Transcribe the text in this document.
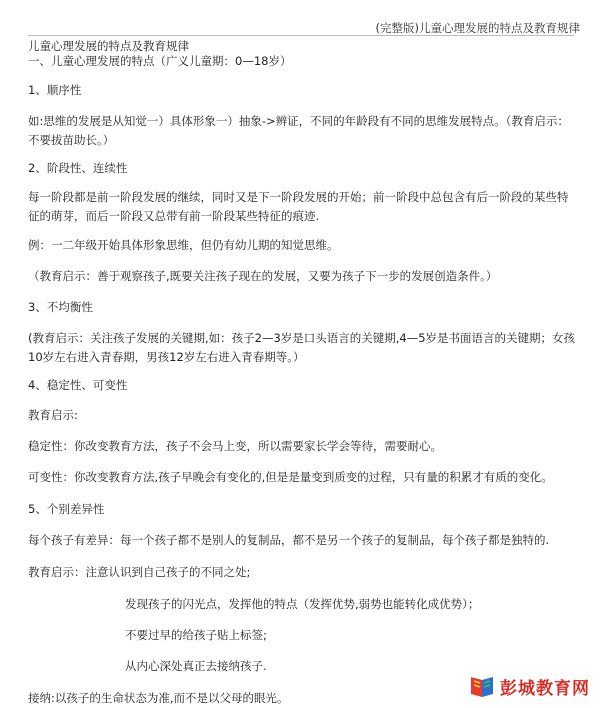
(完整版)儿童心理发展的特点及教育规律
儿童心理发展的特点及教育规律
一、儿童心理发展的特点（广义儿童期：0—18岁）
1、顺序性
如:思维的发展是从知觉一）具体形象一）抽象->辨证，不同的年龄段有不同的思维发展特点。（教育启示：不要拔苗助长。）
2、阶段性、连续性
每一阶段都是前一阶段发展的继续，同时又是下一阶段发展的开始；前一阶段中总包含有后一阶段的某些特征的萌芽，而后一阶段又总带有前一阶段某些特征的痕迹.
例：一二年级开始具体形象思维，但仍有幼儿期的知觉思维。
（教育启示：善于观察孩子,既要关注孩子现在的发展，又要为孩子下一步的发展创造条件。）
3、不均衡性
(教育启示：关注孩子发展的关键期,如：孩子2—3岁是口头语言的关键期,4—5岁是书面语言的关键期；女孩10岁左右进入青春期，男孩12岁左右进入青春期等。）
4、稳定性、可变性
教育启示:
稳定性：你改变教育方法，孩子不会马上变，所以需要家长学会等待，需要耐心。
可变性：你改变教育方法,孩子早晚会有变化的,但是是量变到质变的过程，只有量的积累才有质的变化。
5、个别差异性
每个孩子有差异：每一个孩子都不是别人的复制品，都不是另一个孩子的复制品，每个孩子都是独特的.
教育启示：注意认识到自己孩子的不同之处;
发现孩子的闪光点，发挥他的特点（发挥优势,弱势也能转化成优势）；
不要过早的给孩子贴上标签;
从内心深处真正去接纳孩子.
接纳:以孩子的生命状态为准,而不是以父母的眼光。	彭城教育网
